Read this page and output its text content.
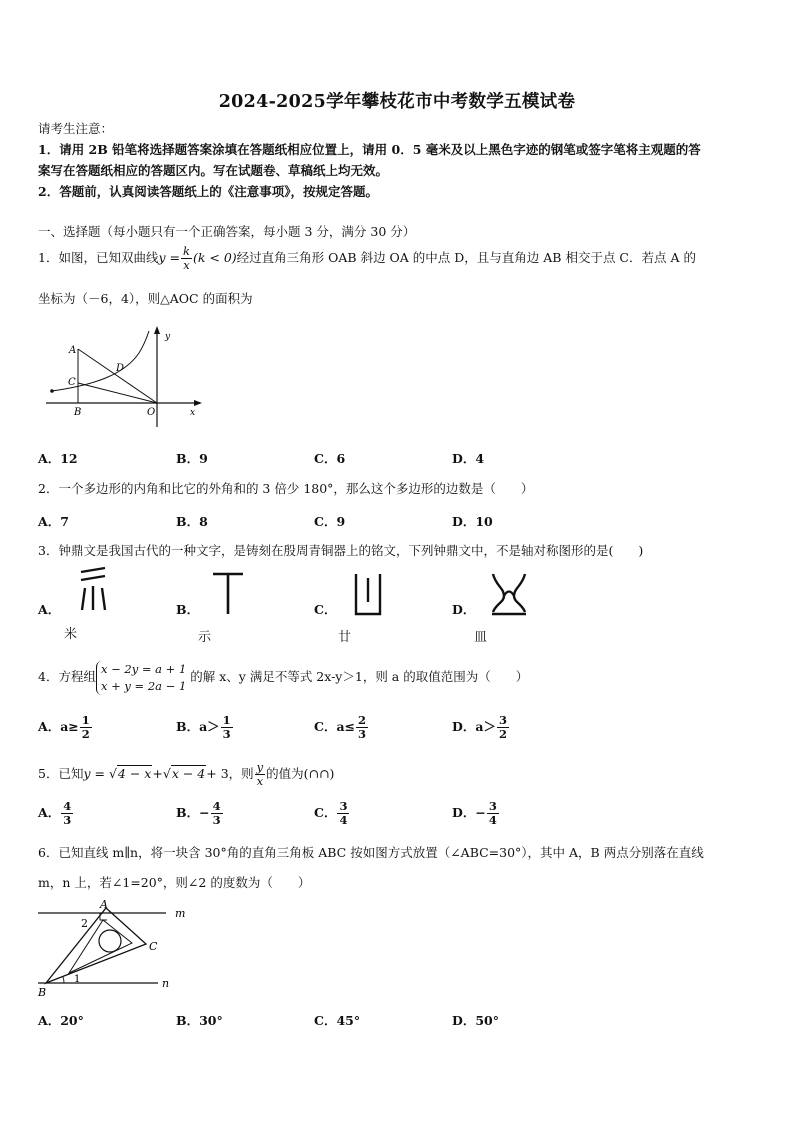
2024-2025学年攀枝花市中考数学五模试卷
请考生注意：
1．请用 2B 铅笔将选择题答案涂填在答题纸相应位置上，请用 0．5 毫米及以上黑色字迹的钢笔或签字笔将主观题的答
案写在答题纸相应的答题区内。写在试题卷、草稿纸上均无效。
2．答题前，认真阅读答题纸上的《注意事项》，按规定答题。
一、选择题（每小题只有一个正确答案，每小题 3 分，满分 30 分）
1．如图，已知双曲线$y = \frac{k}{x} (k < 0)$经过直角三角形 OAB 斜边 OA 的中点 D，且与直角边 AB 相交于点 C．若点 A 的
坐标为（－6，4），则△AOC 的面积为
A
C
D
B	O	x
y
A．12	B．9	C．6	D．4
2．一个多边形的内角和比它的外角和的 3 倍少 180°，那么这个多边形的边数是（　　）
A．7	B．8	C．9	D．10
3．钟鼎文是我国古代的一种文字，是铸刻在殷周青铜器上的铭文，下列钟鼎文中，不是轴对称图形的是(　　)
A．
米
B．
示
C．
廿
D．
皿
4．方程组
x − 2y = a + 1
x + y = 2a − 1
的解 x、y 满足不等式 2x-y＞1，则 a 的取值范围为（　　）
A．$a\ge \frac{1}{2}$	B．$a> \frac{1}{3}$	C．$a\le \frac{2}{3}$	D．$a> \frac{3}{2}$
5．已知y = √4 − x+√x − 4+ 3，则 $\frac{y}{x}$ 的值为(∩∩)
A． $\frac{4}{3}$	B．− $\frac{4}{3}$	C． $\frac{3}{4}$	D．− $\frac{3}{4}$
6．已知直线 m∥n，将一块含 30°角的直角三角板 ABC 按如图方式放置（∠ABC=30°），其中 A，B 两点分别落在直线
m，n 上，若∠1=20°，则∠2 的度数为（　　）
A
C
B
m
n
1
2
A．20°	B．30°	C．45°	D．50°
